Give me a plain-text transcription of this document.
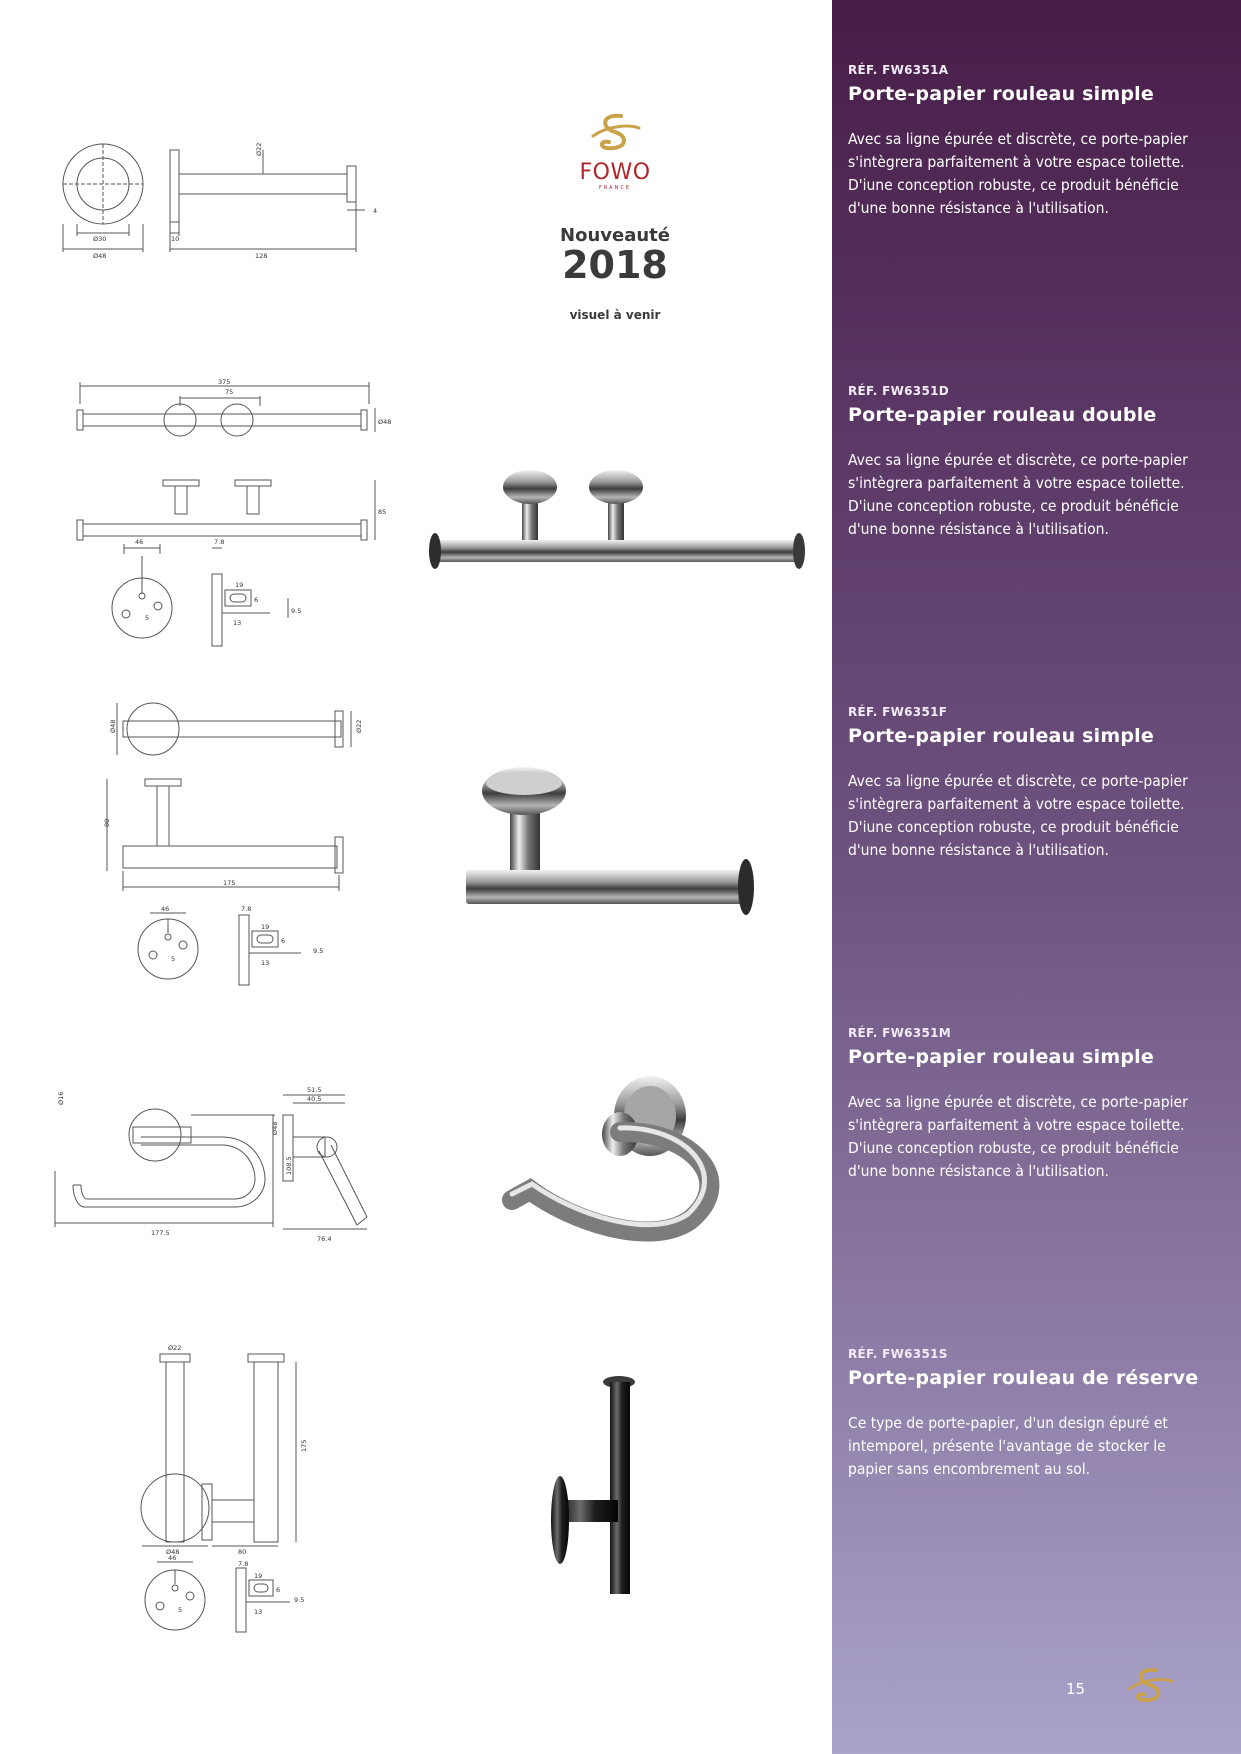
Ø22
Ø30
Ø48
10
4
128
FOWO
FRANCE
Nouveauté
2018
visuel à venir
375
75
Ø48
85
46	7.8
19
6
9.5
13
5
Ø48	Ø22
80
175
46	7.8
19
6
9.5
13
5
Ø16
51.5
40.5
Ø48
108.5
177.5
76.4
Ø22
Ø48	80
175
46
7.8
19
6
9.5
13
5
RÉF. FW6351A
Porte-papier rouleau simple
Avec sa ligne épurée et discrète, ce porte-papier
s'intègrera parfaitement à votre espace toilette.
D'iune conception robuste, ce produit bénéficie
d'une bonne résistance à l'utilisation.
RÉF. FW6351D
Porte-papier rouleau double
Avec sa ligne épurée et discrète, ce porte-papier
s'intègrera parfaitement à votre espace toilette.
D'iune conception robuste, ce produit bénéficie
d'une bonne résistance à l'utilisation.
RÉF. FW6351F
Porte-papier rouleau simple
Avec sa ligne épurée et discrète, ce porte-papier
s'intègrera parfaitement à votre espace toilette.
D'iune conception robuste, ce produit bénéficie
d'une bonne résistance à l'utilisation.
RÉF. FW6351M
Porte-papier rouleau simple
Avec sa ligne épurée et discrète, ce porte-papier
s'intègrera parfaitement à votre espace toilette.
D'iune conception robuste, ce produit bénéficie
d'une bonne résistance à l'utilisation.
RÉF. FW6351S
Porte-papier rouleau de réserve
Ce type de porte-papier, d'un design épuré et
intemporel, présente l'avantage de stocker le
papier sans encombrement au sol.
15
